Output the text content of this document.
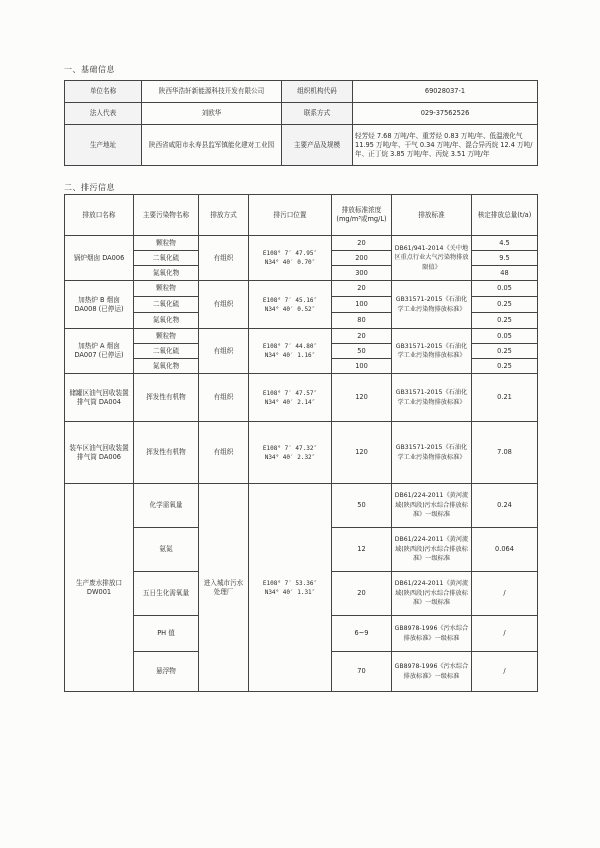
一、基础信息
单位名称	陕西华浩轩新能源科技开发有限公司	组织机构代码	69028037-1
法人代表	刘欧华	联系方式	029-37562526
生产地址	陕西省咸阳市永寿县监军镇能化建对工业园	主要产品及规模	轻芳烃 7.68 万吨/年、重芳烃 0.83 万吨/年、低温液化气 11.95 万吨/年、干气 0.34 万吨/年、混合异丙烷 12.4 万吨/年、正丁烷 3.85 万吨/年、丙烷 3.51 万吨/年
二、排污信息
排放口名称	主要污染物名称	排放方式	排污口位置	排放标准浓度(mg/m³或mg/L)	排放标准	核定排放总量(t/a)
锅炉烟囱 DA006	颗粒物	有组织	E108° 7′ 47.95″
N34° 40′ 0.70″	20	DB61/941-2014《关中地区重点行业大气污染物排放限值》	4.5
	二氧化硫			200		9.5
	氮氧化物			300		48
加热炉 B 烟囱 DA008 (已停运)	颗粒物	有组织	E108° 7′ 45.16″
N34° 40′ 0.52″	20	GB31571-2015《石油化学工业污染物排放标准》	0.05
	二氧化硫			100		0.25
	氮氧化物			80		0.25
加热炉 A 烟囱 DA007 (已停运)	颗粒物	有组织	E108° 7′ 44.80″
N34° 40′ 1.16″	20	GB31571-2015《石油化学工业污染物排放标准》	0.05
	二氧化硫			50		0.25
	氮氧化物			100		0.25
储罐区油气回收装置排气筒 DA004	挥发性有机物	有组织	E108° 7′ 47.57″
N34° 40′ 2.14″	120	GB31571-2015《石油化学工业污染物排放标准》	0.21
装车区油气回收装置排气筒 DA006	挥发性有机物	有组织	E108° 7′ 47.32″
N34° 40′ 2.32″	120	GB31571-2015《石油化学工业污染物排放标准》	7.08
生产废水排放口 DW001	化学需氧量	进入城市污水处理厂	E108° 7′ 53.36″
N34° 40′ 1.31″	50	DB61/224-2011《黄河流域(陕西段)污水综合排放标准》一级标准	0.24
	氨氮			12	DB61/224-2011《黄河流域(陕西段)污水综合排放标准》一级标准	0.064
	五日生化需氧量			20	DB61/224-2011《黄河流域(陕西段)污水综合排放标准》一级标准	/
	PH 值			6~9	GB8978-1996《污水综合排放标准》一级标准	/
	悬浮物			70	GB8978-1996《污水综合排放标准》一级标准	/
